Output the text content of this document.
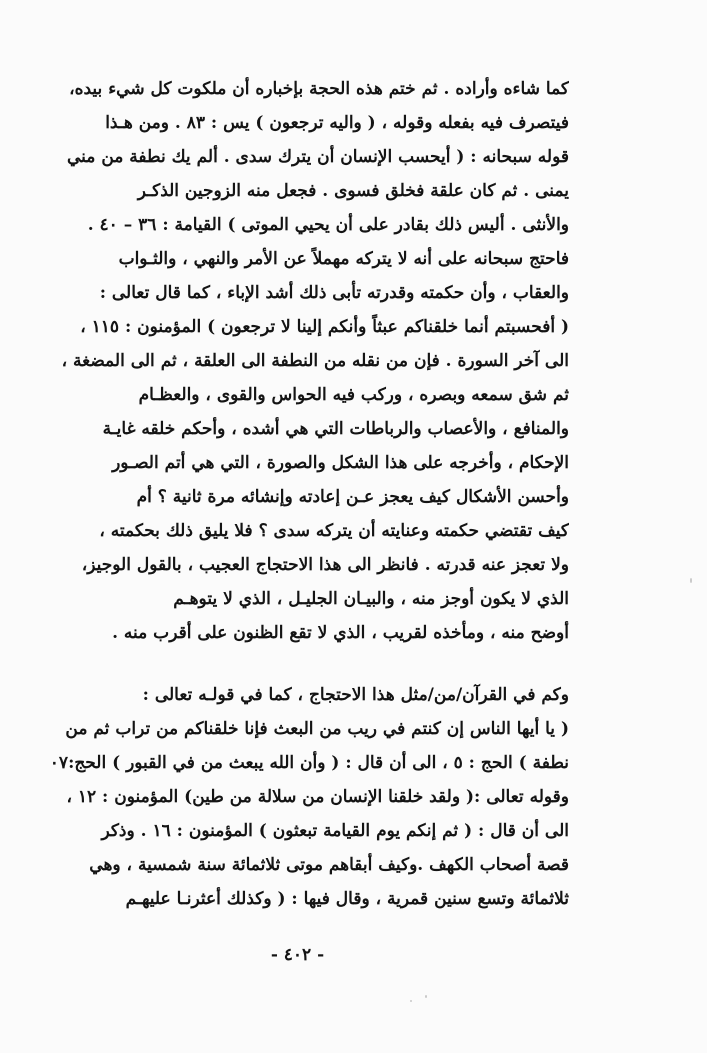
كما شاءه وأراده . ثم ختم هذه الحجة بإخباره أن ملكوت كل شيء بيده،
فيتصرف فيه بفعله وقوله ، ( واليه ترجعون ) يس : ٨٣ . ومن هـذا
قوله سبحانه : ( أيحسب الإنسان أن يترك سدى . ألم يك نطفة من مني
يمنى . ثم كان علقة فخلق فسوى . فجعل منه الزوجين الذكـر
والأنثى . أليس ذلك بقادر على أن يحيي الموتى ) القيامة : ٣٦ – ٤٠ .
فاحتج سبحانه على أنه لا يتركه مهملاً عن الأمر والنهي ، والثـواب
والعقاب ، وأن حكمته وقدرته تأبى ذلك أشد الإباء ، كما قال تعالى :
( أفحسبتم أنما خلقناكم عبثاً وأنكم إلينا لا ترجعون ) المؤمنون : ١١٥ ،
الى آخر السورة . فإن من نقله من النطفة الى العلقة ، ثم الى المضغة ،
ثم شق سمعه وبصره ، وركب فيه الحواس والقوى ، والعظـام
والمنافع ، والأعصاب والرباطات التي هي أشده ، وأحكم خلقه غايـة
الإحكام ، وأخرجه على هذا الشكل والصورة ، التي هي أتم الصـور
وأحسن الأشكال كيف يعجز عـن إعادته وإنشائه مرة ثانية ؟ أم
كيف تقتضي حكمته وعنايته أن يتركه سدى ؟ فلا يليق ذلك بحكمته ،
ولا تعجز عنه قدرته . فانظر الى هذا الاحتجاج العجيب ، بالقول الوجيز،
الذي لا يكون أوجز منه ، والبيـان الجليـل ، الذي لا يتوهـم
أوضح منه ، ومأخذه لقريب ، الذي لا تقع الظنون على أقرب منه .
وكم في القرآن/من/مثل هذا الاحتجاج ، كما في قولـه تعالى :
( يا أيها الناس إن كنتم في ريب من البعث فإنا خلقناكم من تراب ثم من
نطفة ) الحج : ٥ ، الى أن قال : ( وأن الله يبعث من في القبور ) الحج:٠٧
وقوله تعالى :( ولقد خلقنا الإنسان من سلالة من طين) المؤمنون : ١٢ ،
الى أن قال : ( ثم إنكم يوم القيامة تبعثون ) المؤمنون : ١٦ . وذكر
قصة أصحاب الكهف .وكيف أبقاهم موتى ثلاثمائة سنة شمسية ، وهي
ثلاثمائة وتسع سنين قمرية ، وقال فيها : ( وكذلك أعثرنـا عليهـم
- ٤٠٢ -
